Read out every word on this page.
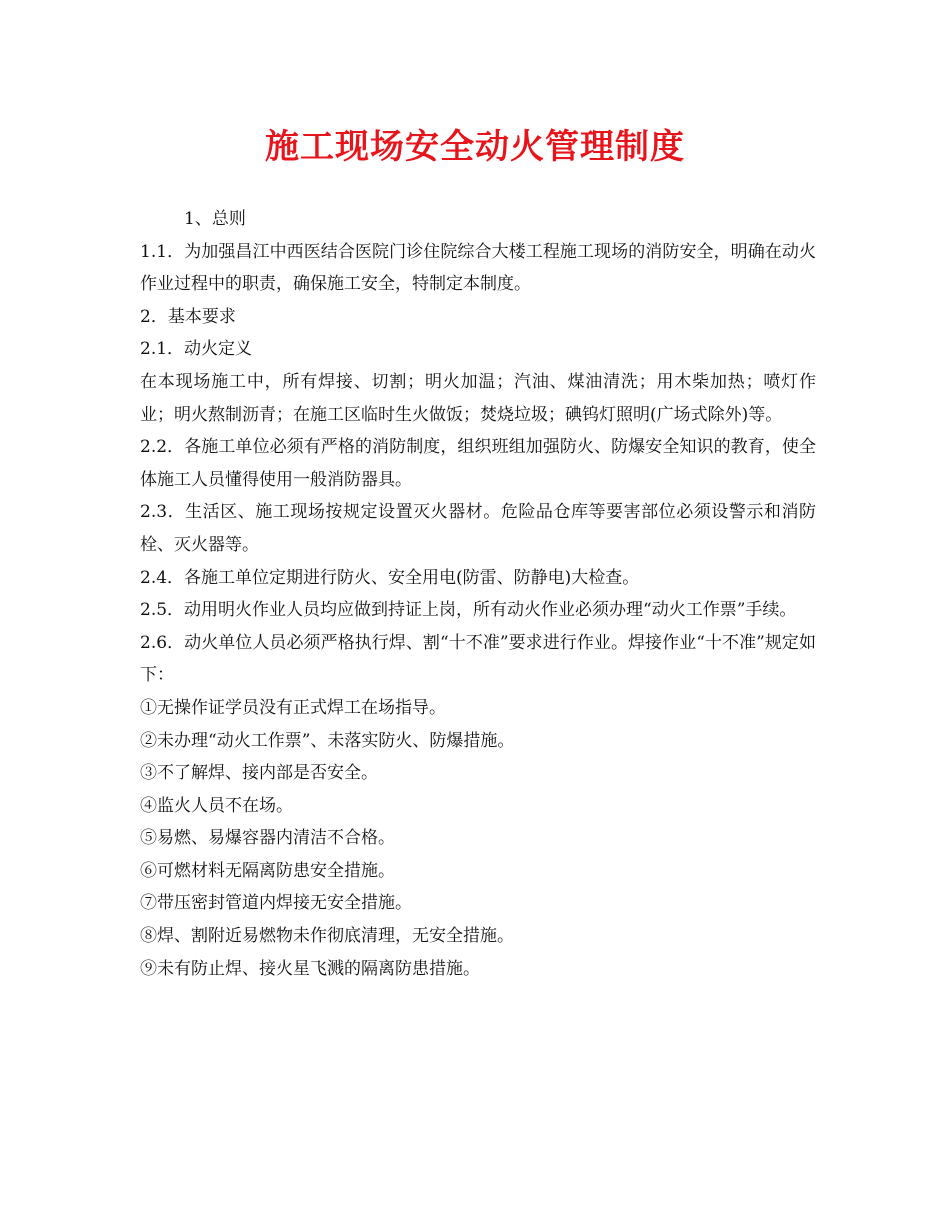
施工现场安全动火管理制度

1、总则

1.1．为加强昌江中西医结合医院门诊住院综合大楼工程施工现场的消防安全，明确在动火作业过程中的职责，确保施工安全，特制定本制度。

2．基本要求

2.1．动火定义

在本现场施工中，所有焊接、切割；明火加温；汽油、煤油清洗；用木柴加热；喷灯作业；明火熬制沥青；在施工区临时生火做饭；焚烧垃圾；碘钨灯照明(广场式除外)等。

2.2．各施工单位必须有严格的消防制度，组织班组加强防火、防爆安全知识的教育，使全体施工人员懂得使用一般消防器具。

2.3．生活区、施工现场按规定设置灭火器材。危险品仓库等要害部位必须设警示和消防栓、灭火器等。

2.4．各施工单位定期进行防火、安全用电(防雷、防静电)大检查。

2.5．动用明火作业人员均应做到持证上岗，所有动火作业必须办理“动火工作票”手续。

2.6．动火单位人员必须严格执行焊、割“十不准”要求进行作业。焊接作业“十不准”规定如下：

①无操作证学员没有正式焊工在场指导。

②未办理“动火工作票”、未落实防火、防爆措施。

③不了解焊、接内部是否安全。

④监火人员不在场。

⑤易燃、易爆容器内清洁不合格。

⑥可燃材料无隔离防患安全措施。

⑦带压密封管道内焊接无安全措施。

⑧焊、割附近易燃物未作彻底清理，无安全措施。

⑨未有防止焊、接火星飞溅的隔离防患措施。
